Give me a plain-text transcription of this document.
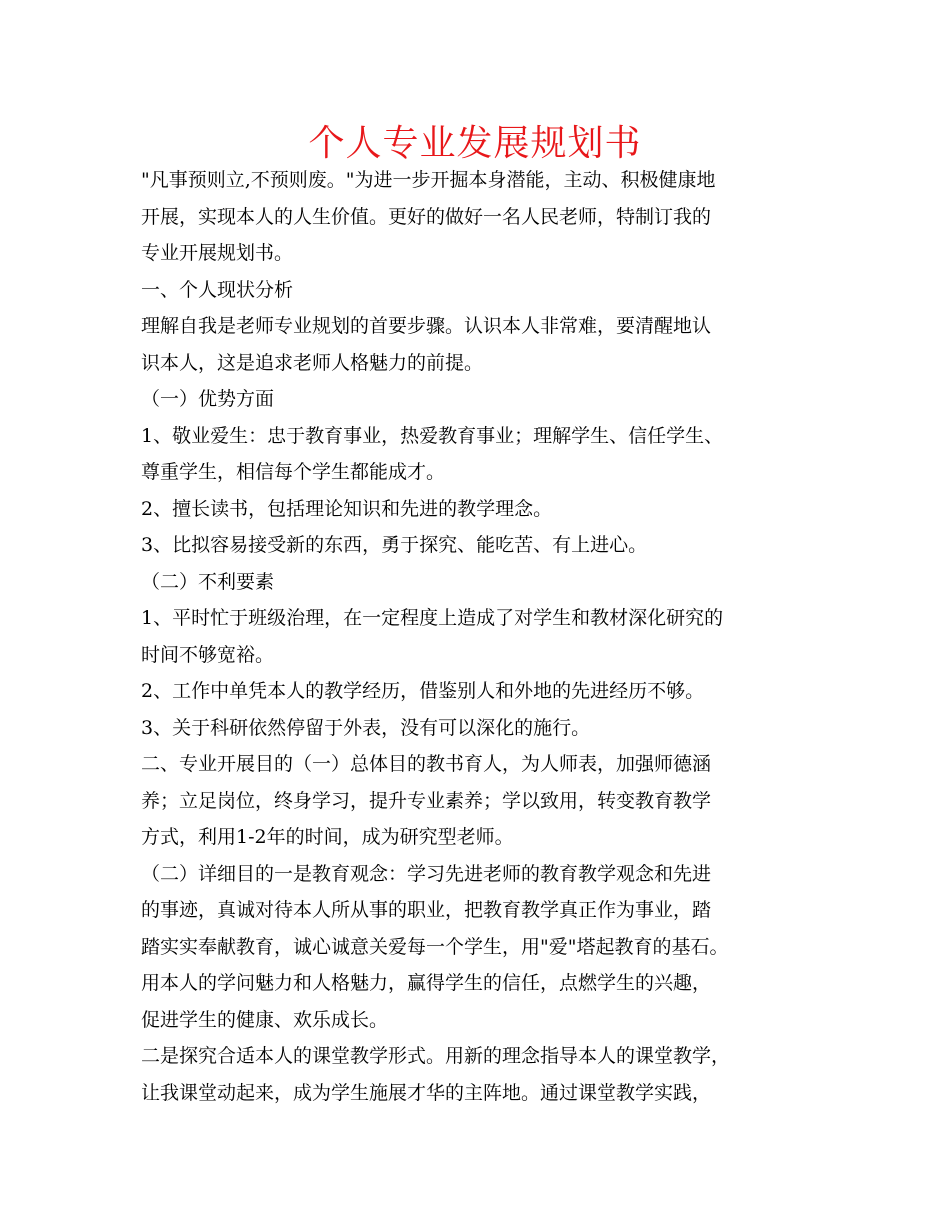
个人专业发展规划书
"凡事预则立,不预则废。"为进一步开掘本身潜能，主动、积极健康地
开展，实现本人的人生价值。更好的做好一名人民老师，特制订我的
专业开展规划书。
一、个人现状分析
理解自我是老师专业规划的首要步骤。认识本人非常难，要清醒地认
识本人，这是追求老师人格魅力的前提。
（一）优势方面
1、敬业爱生：忠于教育事业，热爱教育事业；理解学生、信任学生、
尊重学生，相信每个学生都能成才。
2、擅长读书，包括理论知识和先进的教学理念。
3、比拟容易接受新的东西，勇于探究、能吃苦、有上进心。
（二）不利要素
1、平时忙于班级治理，在一定程度上造成了对学生和教材深化研究的
时间不够宽裕。
2、工作中单凭本人的教学经历，借鉴别人和外地的先进经历不够。
3、关于科研依然停留于外表，没有可以深化的施行。
二、专业开展目的（一）总体目的教书育人，为人师表，加强师德涵
养；立足岗位，终身学习，提升专业素养；学以致用，转变教育教学
方式，利用1-2年的时间，成为研究型老师。
（二）详细目的一是教育观念：学习先进老师的教育教学观念和先进
的事迹，真诚对待本人所从事的职业，把教育教学真正作为事业，踏
踏实实奉献教育，诚心诚意关爱每一个学生，用"爱"塔起教育的基石。
用本人的学问魅力和人格魅力，赢得学生的信任，点燃学生的兴趣，
促进学生的健康、欢乐成长。
二是探究合适本人的课堂教学形式。用新的理念指导本人的课堂教学，
让我课堂动起来，成为学生施展才华的主阵地。通过课堂教学实践，
